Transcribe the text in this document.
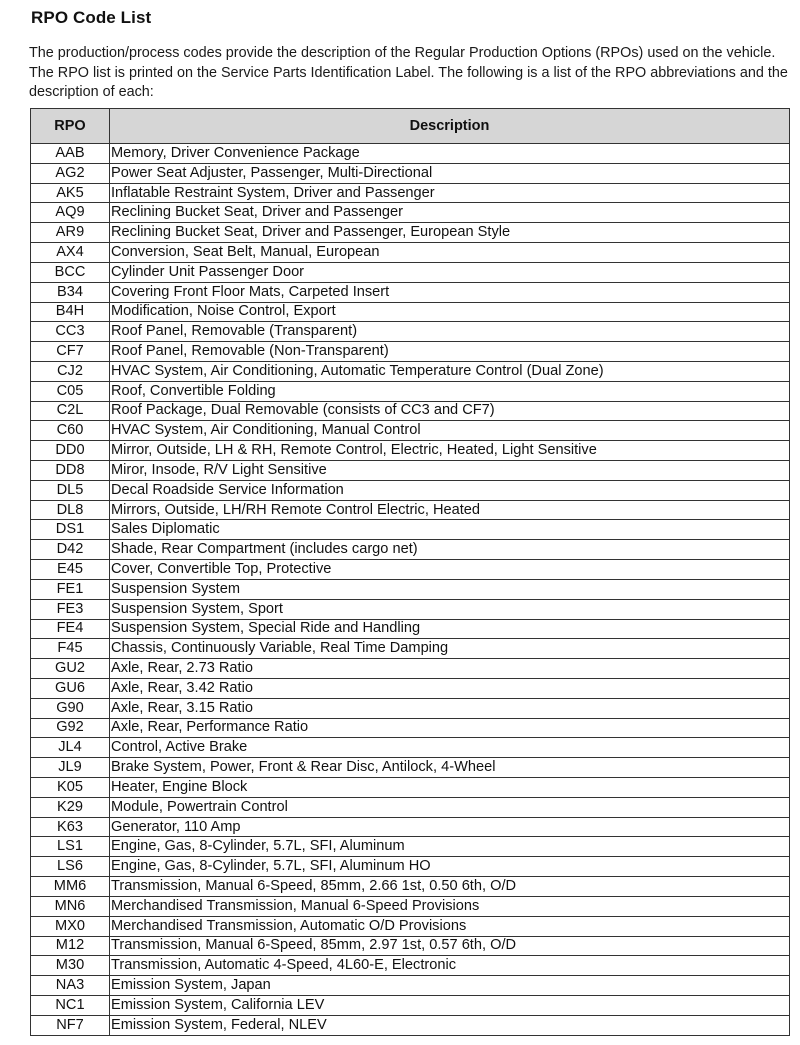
RPO Code List
The production/process codes provide the description of the Regular Production Options (RPOs) used on the vehicle. The RPO list is printed on the Service Parts Identification Label. The following is a list of the RPO abbreviations and the description of each:
RPO	Description
AAB	Memory, Driver Convenience Package
AG2	Power Seat Adjuster, Passenger, Multi-Directional
AK5	Inflatable Restraint System, Driver and Passenger
AQ9	Reclining Bucket Seat, Driver and Passenger
AR9	Reclining Bucket Seat, Driver and Passenger, European Style
AX4	Conversion, Seat Belt, Manual, European
BCC	Cylinder Unit Passenger Door
B34	Covering Front Floor Mats, Carpeted Insert
B4H	Modification, Noise Control, Export
CC3	Roof Panel, Removable (Transparent)
CF7	Roof Panel, Removable (Non-Transparent)
CJ2	HVAC System, Air Conditioning, Automatic Temperature Control (Dual Zone)
C05	Roof, Convertible Folding
C2L	Roof Package, Dual Removable (consists of CC3 and CF7)
C60	HVAC System, Air Conditioning, Manual Control
DD0	Mirror, Outside, LH & RH, Remote Control, Electric, Heated, Light Sensitive
DD8	Miror, Insode, R/V Light Sensitive
DL5	Decal Roadside Service Information
DL8	Mirrors, Outside, LH/RH Remote Control Electric, Heated
DS1	Sales Diplomatic
D42	Shade, Rear Compartment (includes cargo net)
E45	Cover, Convertible Top, Protective
FE1	Suspension System
FE3	Suspension System, Sport
FE4	Suspension System, Special Ride and Handling
F45	Chassis, Continuously Variable, Real Time Damping
GU2	Axle, Rear, 2.73 Ratio
GU6	Axle, Rear, 3.42 Ratio
G90	Axle, Rear, 3.15 Ratio
G92	Axle, Rear, Performance Ratio
JL4	Control, Active Brake
JL9	Brake System, Power, Front & Rear Disc, Antilock, 4-Wheel
K05	Heater, Engine Block
K29	Module, Powertrain Control
K63	Generator, 110 Amp
LS1	Engine, Gas, 8-Cylinder, 5.7L, SFI, Aluminum
LS6	Engine, Gas, 8-Cylinder, 5.7L, SFI, Aluminum HO
MM6	Transmission, Manual 6-Speed, 85mm, 2.66 1st, 0.50 6th, O/D
MN6	Merchandised Transmission, Manual 6-Speed Provisions
MX0	Merchandised Transmission, Automatic O/D Provisions
M12	Transmission, Manual 6-Speed, 85mm, 2.97 1st, 0.57 6th, O/D
M30	Transmission, Automatic 4-Speed, 4L60-E, Electronic
NA3	Emission System, Japan
NC1	Emission System, California LEV
NF7	Emission System, Federal, NLEV
